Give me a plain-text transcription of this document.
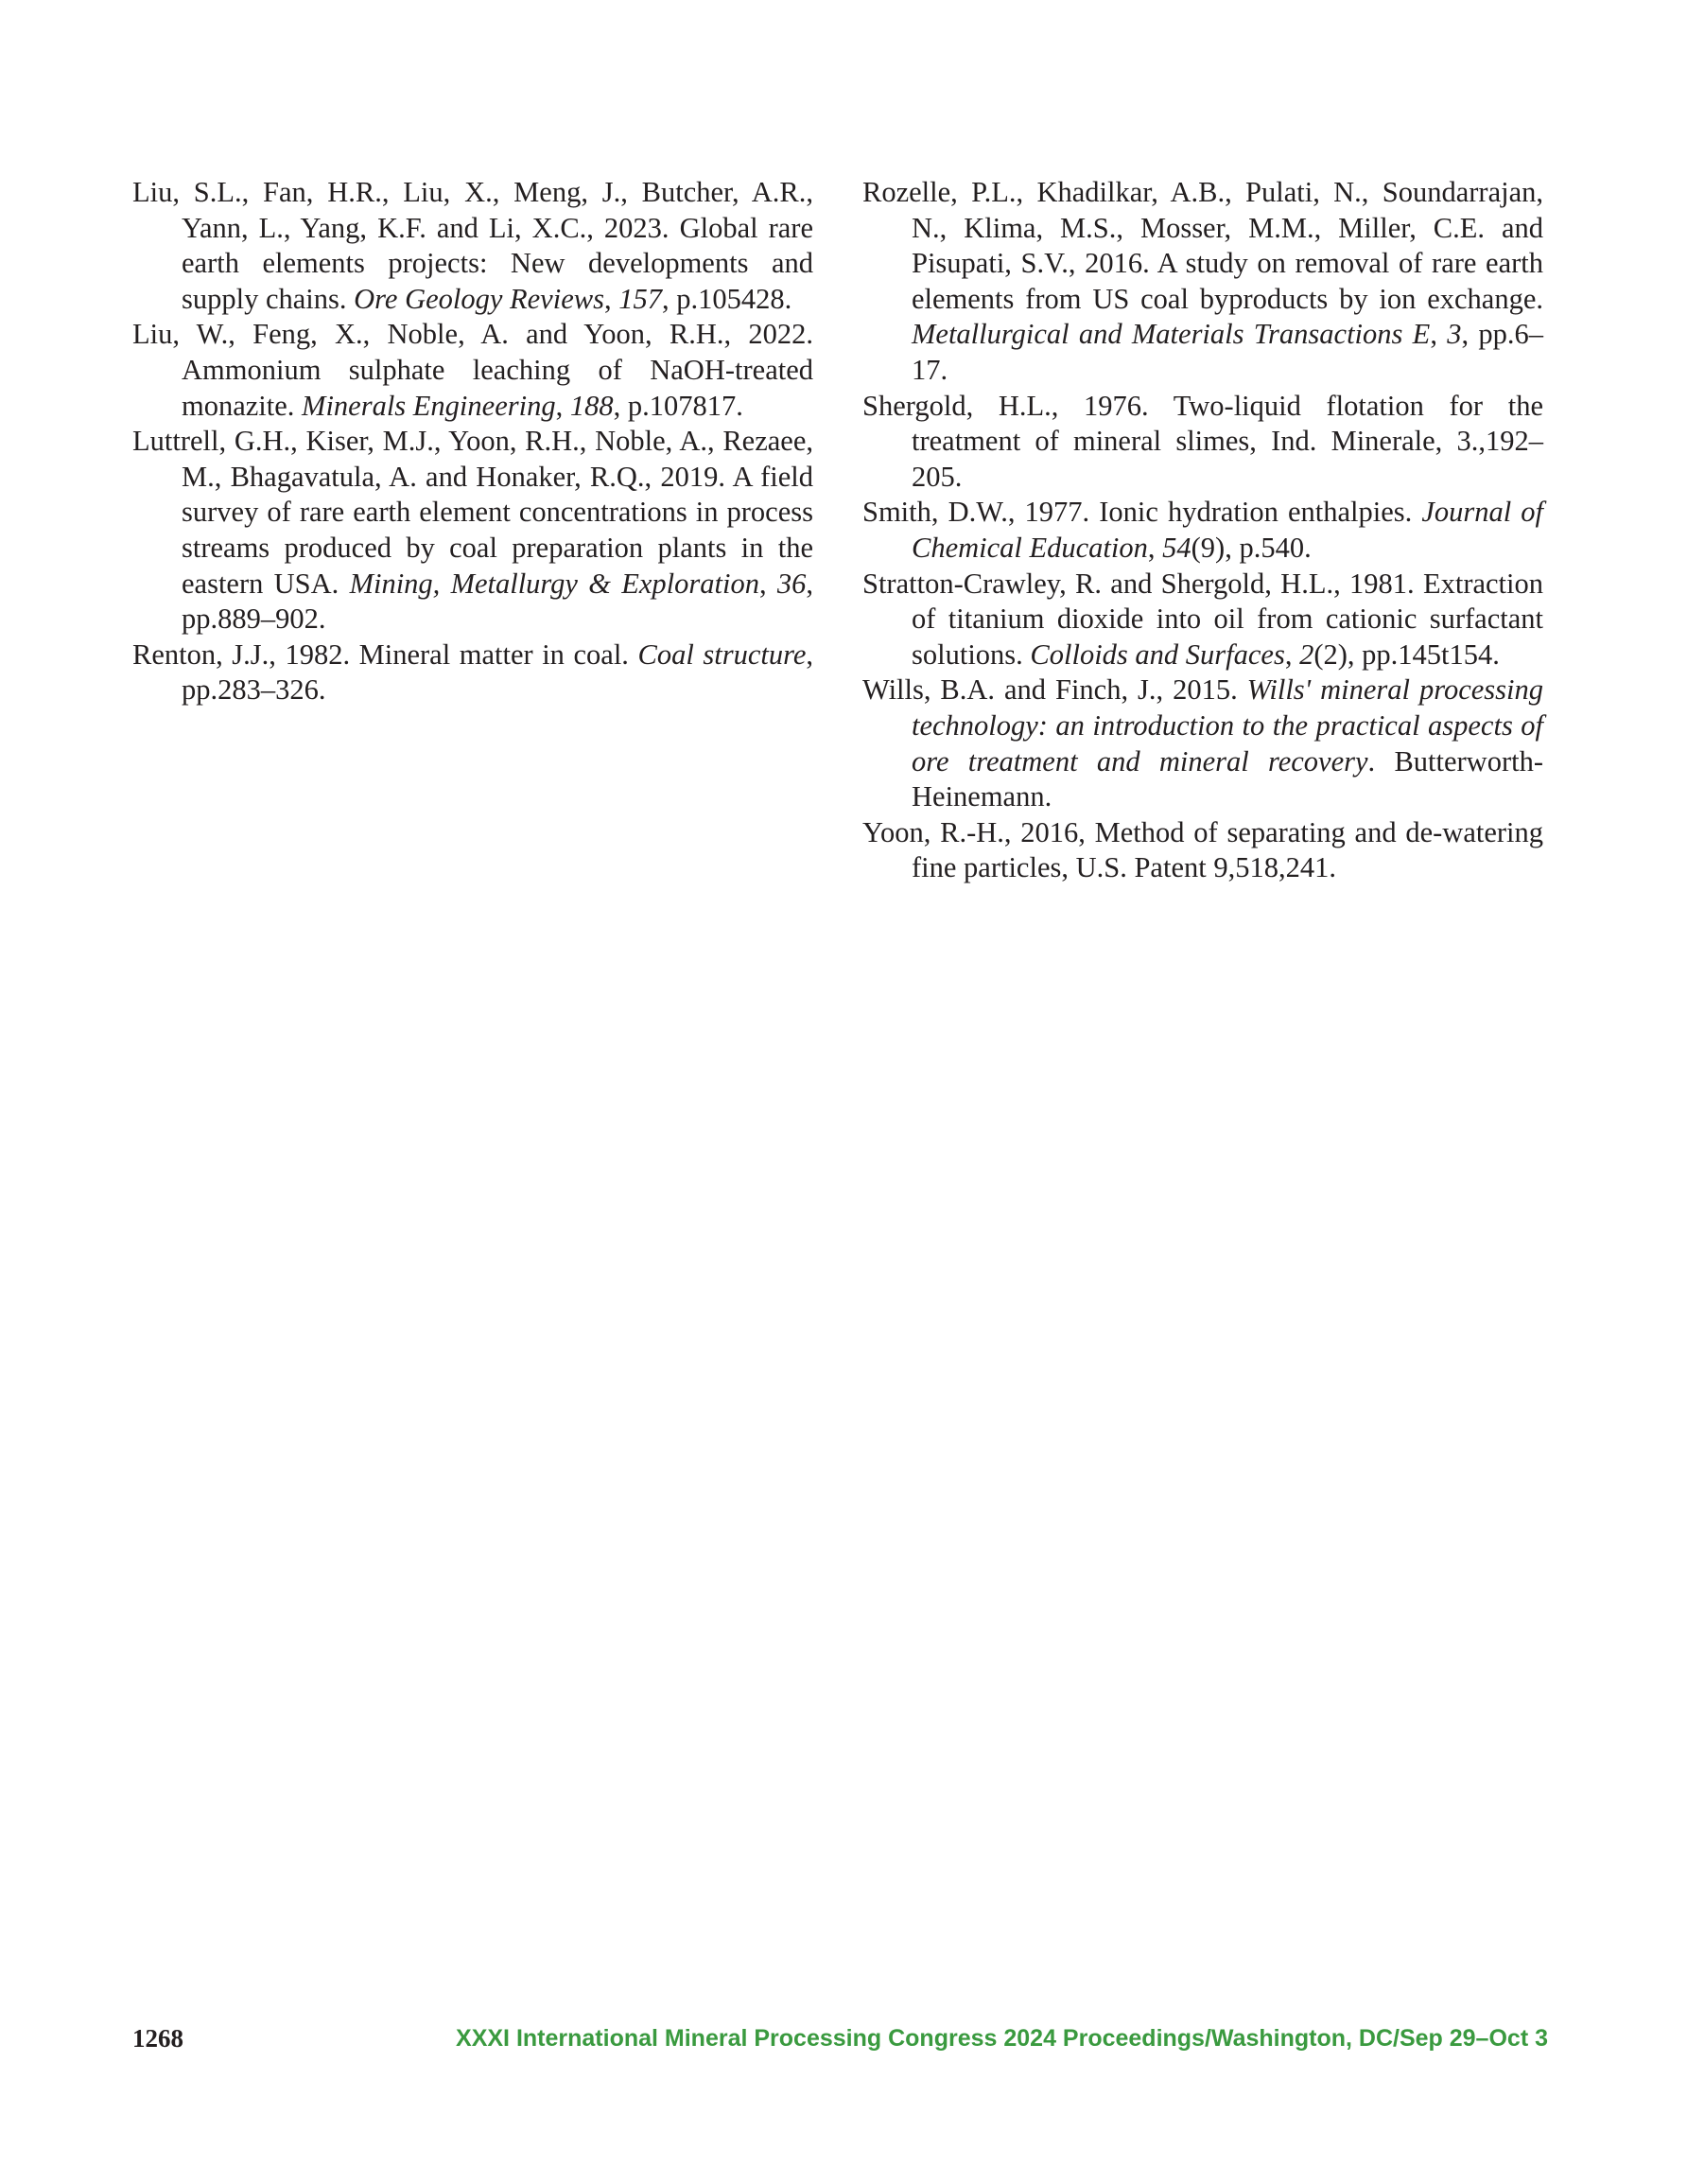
Liu, S.L., Fan, H.R., Liu, X., Meng, J., Butcher, A.R., Yann, L., Yang, K.F. and Li, X.C., 2023. Global rare earth elements projects: New developments and supply chains. Ore Geology Reviews, 157, p.105428.

Liu, W., Feng, X., Noble, A. and Yoon, R.H., 2022. Ammonium sulphate leaching of NaOH-treated monazite. Minerals Engineering, 188, p.107817.

Luttrell, G.H., Kiser, M.J., Yoon, R.H., Noble, A., Rezaee, M., Bhagavatula, A. and Honaker, R.Q., 2019. A field survey of rare earth element concentrations in process streams produced by coal preparation plants in the eastern USA. Mining, Metallurgy & Exploration, 36, pp.889–902.

Renton, J.J., 1982. Mineral matter in coal. Coal structure, pp.283–326.

Rozelle, P.L., Khadilkar, A.B., Pulati, N., Soundarrajan, N., Klima, M.S., Mosser, M.M., Miller, C.E. and Pisupati, S.V., 2016. A study on removal of rare earth elements from US coal byproducts by ion exchange. Metallurgical and Materials Transactions E, 3, pp.6–17.

Shergold, H.L., 1976. Two-liquid flotation for the treatment of mineral slimes, Ind. Minerale, 3.,192–205.

Smith, D.W., 1977. Ionic hydration enthalpies. Journal of Chemical Education, 54(9), p.540.

Stratton-Crawley, R. and Shergold, H.L., 1981. Extraction of titanium dioxide into oil from cationic surfactant solutions. Colloids and Surfaces, 2(2), pp.145t154.

Wills, B.A. and Finch, J., 2015. Wills' mineral processing technology: an introduction to the practical aspects of ore treatment and mineral recovery. Butterworth-Heinemann.

Yoon, R.-H., 2016, Method of separating and de-watering fine particles, U.S. Patent 9,518,241.

1268	XXXI International Mineral Processing Congress 2024 Proceedings/Washington, DC/Sep 29–Oct 3
